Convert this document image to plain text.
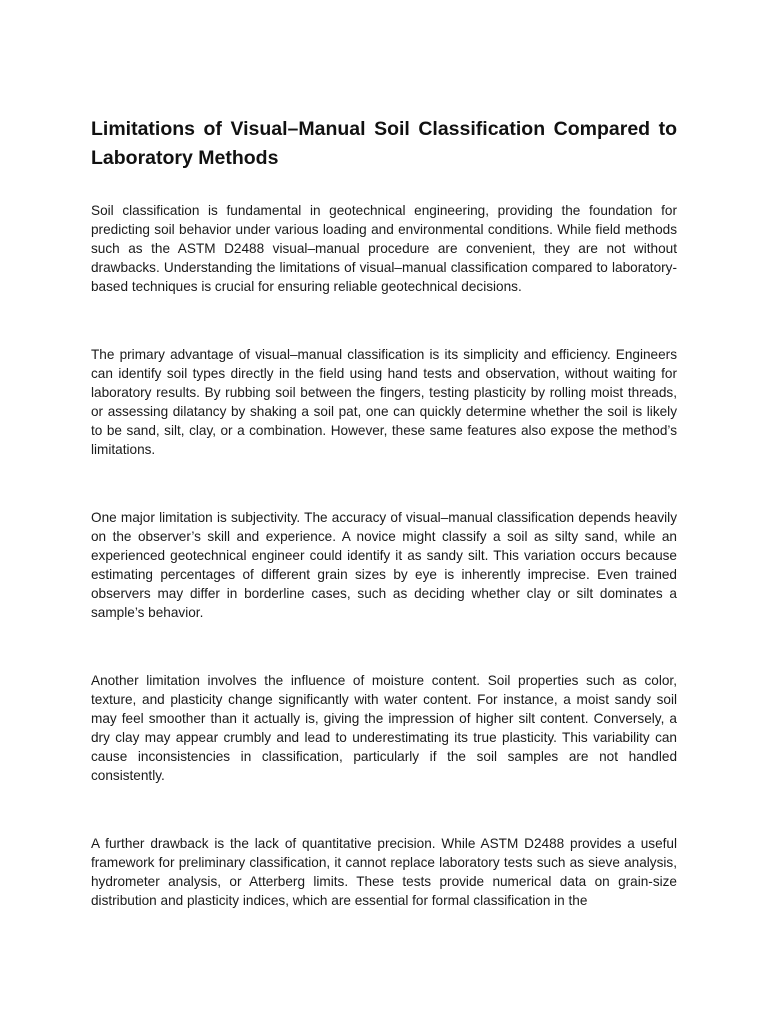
Limitations of Visual–Manual Soil Classification Compared to Laboratory Methods

Soil classification is fundamental in geotechnical engineering, providing the foundation for predicting soil behavior under various loading and environmental conditions. While field methods such as the ASTM D2488 visual–manual procedure are convenient, they are not without drawbacks. Understanding the limitations of visual–manual classification compared to laboratory-based techniques is crucial for ensuring reliable geotechnical decisions.

The primary advantage of visual–manual classification is its simplicity and efficiency. Engineers can identify soil types directly in the field using hand tests and observation, without waiting for laboratory results. By rubbing soil between the fingers, testing plasticity by rolling moist threads, or assessing dilatancy by shaking a soil pat, one can quickly determine whether the soil is likely to be sand, silt, clay, or a combination. However, these same features also expose the method’s limitations.

One major limitation is subjectivity. The accuracy of visual–manual classification depends heavily on the observer’s skill and experience. A novice might classify a soil as silty sand, while an experienced geotechnical engineer could identify it as sandy silt. This variation occurs because estimating percentages of different grain sizes by eye is inherently imprecise. Even trained observers may differ in borderline cases, such as deciding whether clay or silt dominates a sample’s behavior.

Another limitation involves the influence of moisture content. Soil properties such as color, texture, and plasticity change significantly with water content. For instance, a moist sandy soil may feel smoother than it actually is, giving the impression of higher silt content. Conversely, a dry clay may appear crumbly and lead to underestimating its true plasticity. This variability can cause inconsistencies in classification, particularly if the soil samples are not handled consistently.

A further drawback is the lack of quantitative precision. While ASTM D2488 provides a useful framework for preliminary classification, it cannot replace laboratory tests such as sieve analysis, hydrometer analysis, or Atterberg limits. These tests provide numerical data on grain-size distribution and plasticity indices, which are essential for formal classification in the
